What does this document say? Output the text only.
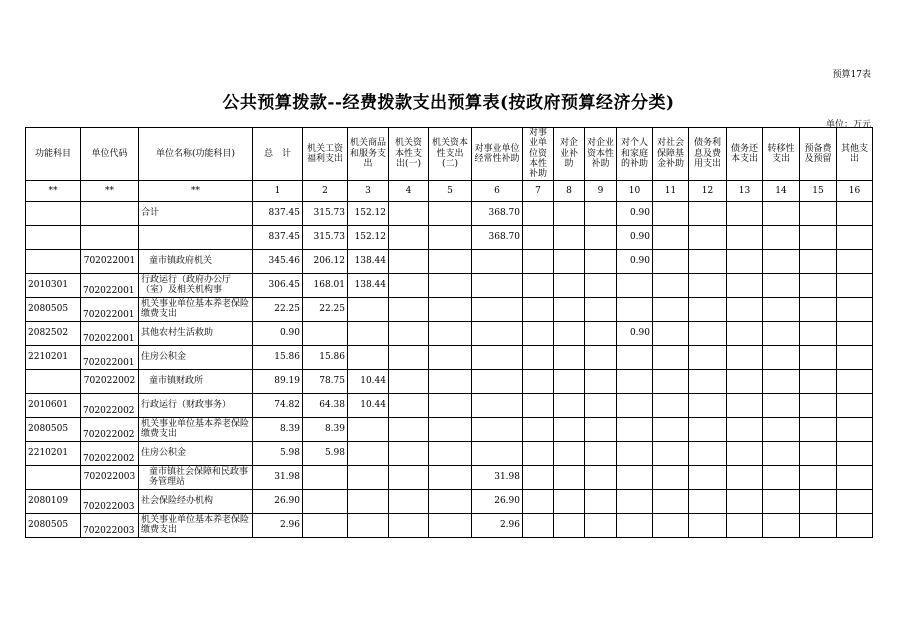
预算17表
公共预算拨款--经费拨款支出预算表(按政府预算经济分类)
单位：万元
功能科目	单位代码	单位名称(功能科目)	总　计	机关工资福利支出	机关商品和服务支出	机关资本性支出(一)	机关资本性支出(二)	对事业单位经常性补助	对事业单位资本性补助	对企业补助	对企业资本性补助	对个人和家庭的补助	对社会保障基金补助	债务利息及费用支出	债务还本支出	转移性支出	预备费及预留	其他支出
**	**	**	1	2	3	4	5	6	7	8	9	10	11	12	13	14	15	16
		合计	837.45	315.73	152.12			368.70				0.90						
			837.45	315.73	152.12			368.70				0.90						
	702022001	童市镇政府机关	345.46	206.12	138.44							0.90						
2010301	702022001	行政运行（政府办公厅（室）及相关机构事	306.45	168.01	138.44													
2080505	702022001	机关事业单位基本养老保险缴费支出	22.25	22.25														
2082502	702022001	其他农村生活救助	0.90									0.90						
2210201	702022001	住房公积金	15.86	15.86														
	702022002	童市镇财政所	89.19	78.75	10.44													
2010601	702022002	行政运行（财政事务）	74.82	64.38	10.44													
2080505	702022002	机关事业单位基本养老保险缴费支出	8.39	8.39														
2210201	702022002	住房公积金	5.98	5.98														
	702022003	童市镇社会保障和民政事务管理站	31.98					31.98										
2080109	702022003	社会保险经办机构	26.90					26.90										
2080505	702022003	机关事业单位基本养老保险缴费支出	2.96					2.96										
